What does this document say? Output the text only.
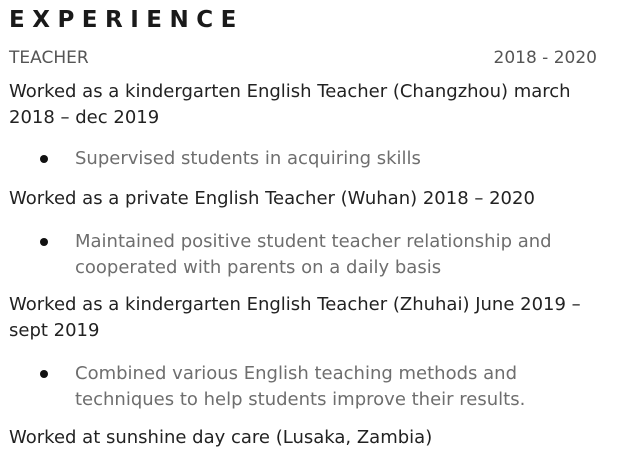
EXPERIENCE
TEACHER	2018 - 2020

Worked as a kindergarten English Teacher (Changzhou) march

2018 – dec 2019

Supervised students in acquiring skills

Worked as a private English Teacher (Wuhan) 2018 – 2020

Maintained positive student teacher relationship and
cooperated with parents on a daily basis

Worked as a kindergarten English Teacher (Zhuhai) June 2019 –

sept 2019

Combined various English teaching methods and
techniques to help students improve their results.

Worked at sunshine day care (Lusaka, Zambia)
